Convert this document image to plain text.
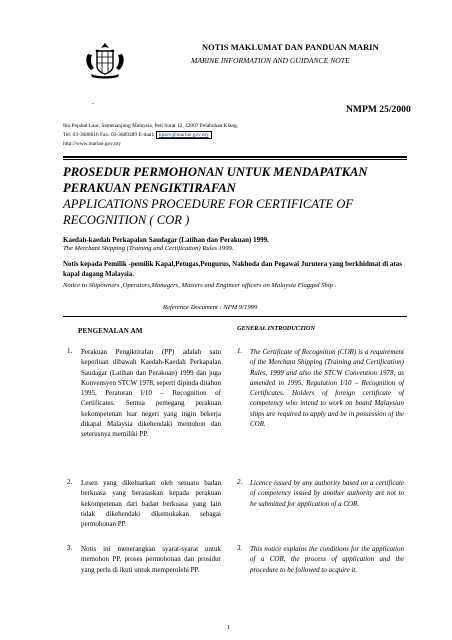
NOTIS MAKLUMAT DAN PANDUAN MARIN
MARINE INFORMATION AND GUIDANCE NOTE
.
NMPM 25/2000
Ibu Pejabat Laut, Semenanjung Malaysia, Peti Surat 12, 42007 Pelabuhan Klang.
Tel: 03-3686616 Fax: 03-3689289 E-mail: kpsev@marine.gov.my
http://www.marine.gov.my
PROSEDUR PERMOHONAN UNTUK MENDAPATKAN
PERAKUAN PENGIKTIRAFAN
APPLICATIONS PROCEDURE FOR CERTIFICATE OF
RECOGNITION ( COR )
Kaedah-kaedah Perkapalan Saudagar (Latihan dan Perakuan) 1999.
The Merchant Shipping (Training and Certification) Rules 1999.
Notis kepada Pemilik -pemilik Kapal,Petugas,Pengurus, Nakhoda dan Pegawai Jurutera yang berkhidmat di atas kapal dagang Malaysia.
Notice to Shipowners ,Operators,Managers, Masters and Engineer officers on Malaysia Flagged Ship .
Reference Document : NPM 9/1999
PENGENALAN AM	GENERAL INTRODUCTION
1. Perakuan Pengiktirafan (PP) adalah satu keperluan dibawah Kaedah-Kaedah Perkapalan Saudagar (Latihan dan Perakuan) 1999 dan juga Konvensyen STCW 1978, seperti dipinda ditahun 1995, Peraturan I/10 – Recognition of Certificates. Semua pemegang perakuan kekompetenan luar negeri yang ingin bekerja dikapal Malaysia dikehendaki memohon dan seterusnya memiliki PP.
2. Lesen yang dikeluarkan oleh sesuatu badan berkuasa yang berasaskan kepada perakuan kekompetenan dari badan berkuasa yang lain tidak dikehendaki dikemukakan sebagai permohonan PP.
3. Notis ini menerangkan syarat-syarat untuk memohon PP, proses permohonan dan prosidur yang perlu di ikuti untuk memperolehi PP.
1. The Certificate of Recognition (COR) is a requirement of the Merchant Shipping (Training and Certification) Rules, 1999 and also the STCW Convention 1978, as amended in 1995, Regulation I/10 – Recognition of Certificates. Holders of foreign certificate of competency who intend to work on board Malaysian ships are required to apply and be in possession of the COR.
2. Licence issued by any authority based on a certificate of competency issued by another authority are not to be submitted for application of a COR.
3. This notice explains the conditions for the application of a COR, the process of application and the procedure to be followed to acquire it.
1
